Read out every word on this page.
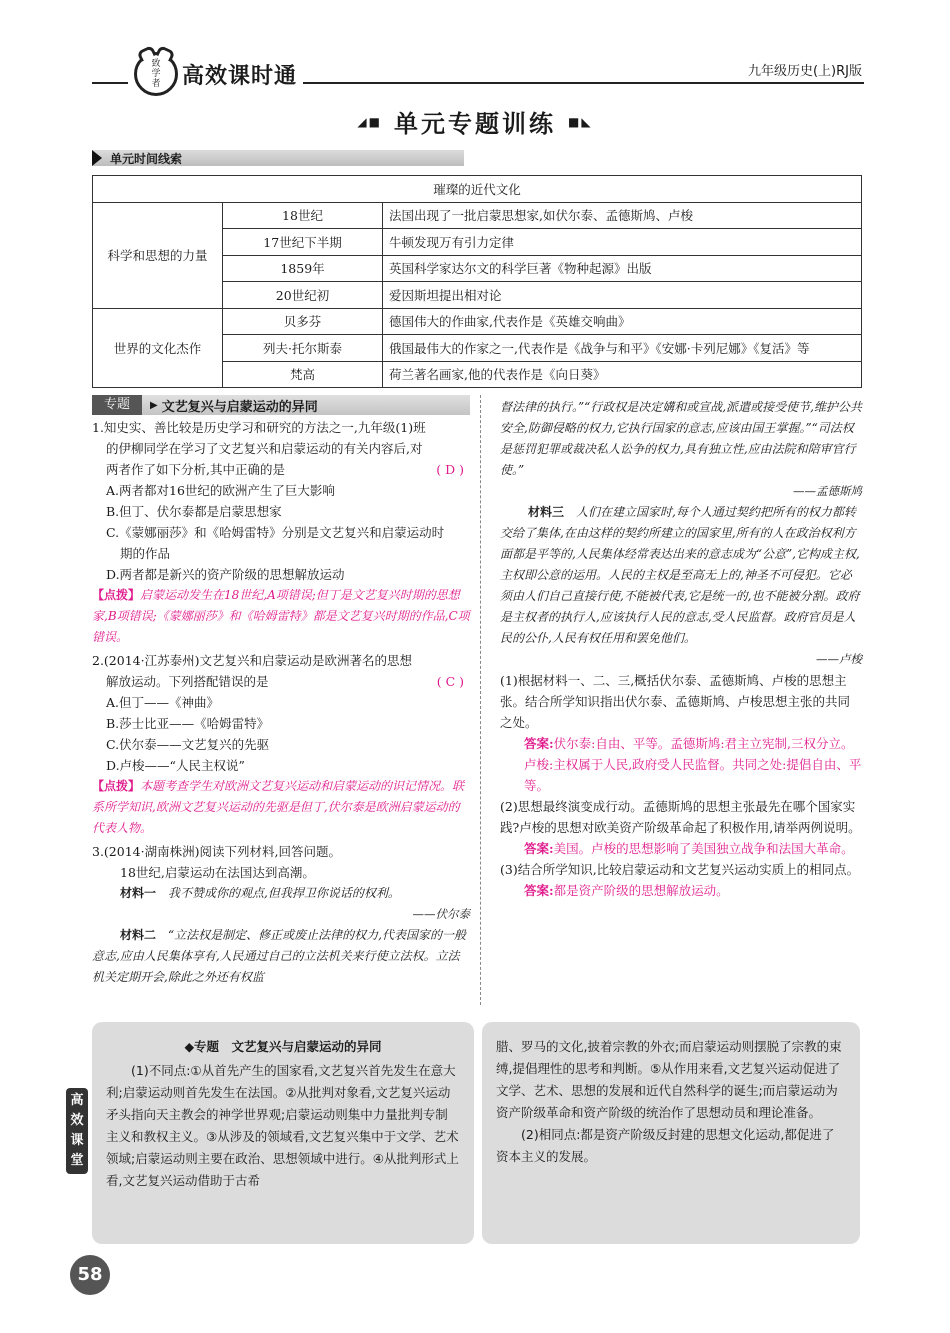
致
学
者 高效课时通	九年级历史(上)RJ版
◢■ 单元专题训练 ■◣
单元时间线索
璀璨的近代文化		
科学和思想的力量	18世纪	法国出现了一批启蒙思想家,如伏尔泰、孟德斯鸠、卢梭
	17世纪下半期	牛顿发现万有引力定律
	1859年	英国科学家达尔文的科学巨著《物种起源》出版
	20世纪初	爱因斯坦提出相对论
世界的文化杰作	贝多芬	德国伟大的作曲家,代表作是《英雄交响曲》
	列夫·托尔斯泰	俄国最伟大的作家之一,代表作是《战争与和平》《安娜·卡列尼娜》《复活》等
	梵高	荷兰著名画家,他的代表作是《向日葵》
专题	▶ 文艺复兴与启蒙运动的异同
1.知史实、善比较是历史学习和研究的方法之一,九年级(1)班
的伊柳同学在学习了文艺复兴和启蒙运动的有关内容后,对
两者作了如下分析,其中正确的是	( D )
A.两者都对16世纪的欧洲产生了巨大影响
B.但丁、伏尔泰都是启蒙思想家
C.《蒙娜丽莎》和《哈姆雷特》分别是文艺复兴和启蒙运动时
期的作品
D.两者都是新兴的资产阶级的思想解放运动
【点拨】启蒙运动发生在18世纪,A项错误;但丁是文艺复兴时期的思想家,B项错误;《蒙娜丽莎》和《哈姆雷特》都是文艺复兴时期的作品,C项错误。
2.(2014·江苏泰州)文艺复兴和启蒙运动是欧洲著名的思想
解放运动。下列搭配错误的是	( C )
A.但丁——《神曲》
B.莎士比亚——《哈姆雷特》
C.伏尔泰——文艺复兴的先驱
D.卢梭——“人民主权说”
【点拨】本题考查学生对欧洲文艺复兴运动和启蒙运动的识记情况。联系所学知识,欧洲文艺复兴运动的先驱是但丁,伏尔泰是欧洲启蒙运动的代表人物。
3.(2014·湖南株洲)阅读下列材料,回答问题。
18世纪,启蒙运动在法国达到高潮。
材料一　 我不赞成你的观点,但我捍卫你说话的权利。
——伏尔泰
材料二　 “立法权是制定、修正或废止法律的权力,代表国家的一般意志,应由人民集体享有,人民通过自己的立法机关来行使立法权。立法机关定期开会,除此之外还有权监
督法律的执行。”“行政权是决定媾和或宣战,派遣或接受使节,维护公共安全,防御侵略的权力,它执行国家的意志,应该由国王掌握。”“司法权是惩罚犯罪或裁决私人讼争的权力,具有独立性,应由法院和陪审官行使。”
——孟德斯鸠
材料三　 人们在建立国家时,每个人通过契约把所有的权力都转交给了集体,在由这样的契约所建立的国家里,所有的人在政治权利方面都是平等的,人民集体经常表达出来的意志成为“公意”,它构成主权,主权即公意的运用。人民的主权是至高无上的,神圣不可侵犯。它必须由人们自己直接行使,不能被代表,它是统一的,也不能被分割。政府是主权者的执行人,应该执行人民的意志,受人民监督。政府官员是人民的公仆,人民有权任用和罢免他们。
——卢梭
(1)根据材料一、二、三,概括伏尔泰、孟德斯鸠、卢梭的思想主张。结合所学知识指出伏尔泰、孟德斯鸠、卢梭思想主张的共同之处。
答案:伏尔泰:自由、平等。孟德斯鸠:君主立宪制,三权分立。卢梭:主权属于人民,政府受人民监督。共同之处:提倡自由、平等。
(2)思想最终演变成行动。孟德斯鸠的思想主张最先在哪个国家实践?卢梭的思想对欧美资产阶级革命起了积极作用,请举两例说明。
答案:美国。卢梭的思想影响了美国独立战争和法国大革命。
(3)结合所学知识,比较启蒙运动和文艺复兴运动实质上的相同点。
答案:都是资产阶级的思想解放运动。
◆专题　文艺复兴与启蒙运动的异同

(1)不同点:①从首先产生的国家看,文艺复兴首先发生在意大利;启蒙运动则首先发生在法国。②从批判对象看,文艺复兴运动矛头指向天主教会的神学世界观;启蒙运动则集中力量批判专制主义和教权主义。③从涉及的领域看,文艺复兴集中于文学、艺术领域;启蒙运动则主要在政治、思想领域中进行。④从批判形式上看,文艺复兴运动借助于古希

腊、罗马的文化,披着宗教的外衣;而启蒙运动则摆脱了宗教的束缚,提倡理性的思考和判断。⑤从作用来看,文艺复兴运动促进了文学、艺术、思想的发展和近代自然科学的诞生;而启蒙运动为资产阶级革命和资产阶级的统治作了思想动员和理论准备。

(2)相同点:都是资产阶级反封建的思想文化运动,都促进了资本主义的发展。

高效课堂
58
